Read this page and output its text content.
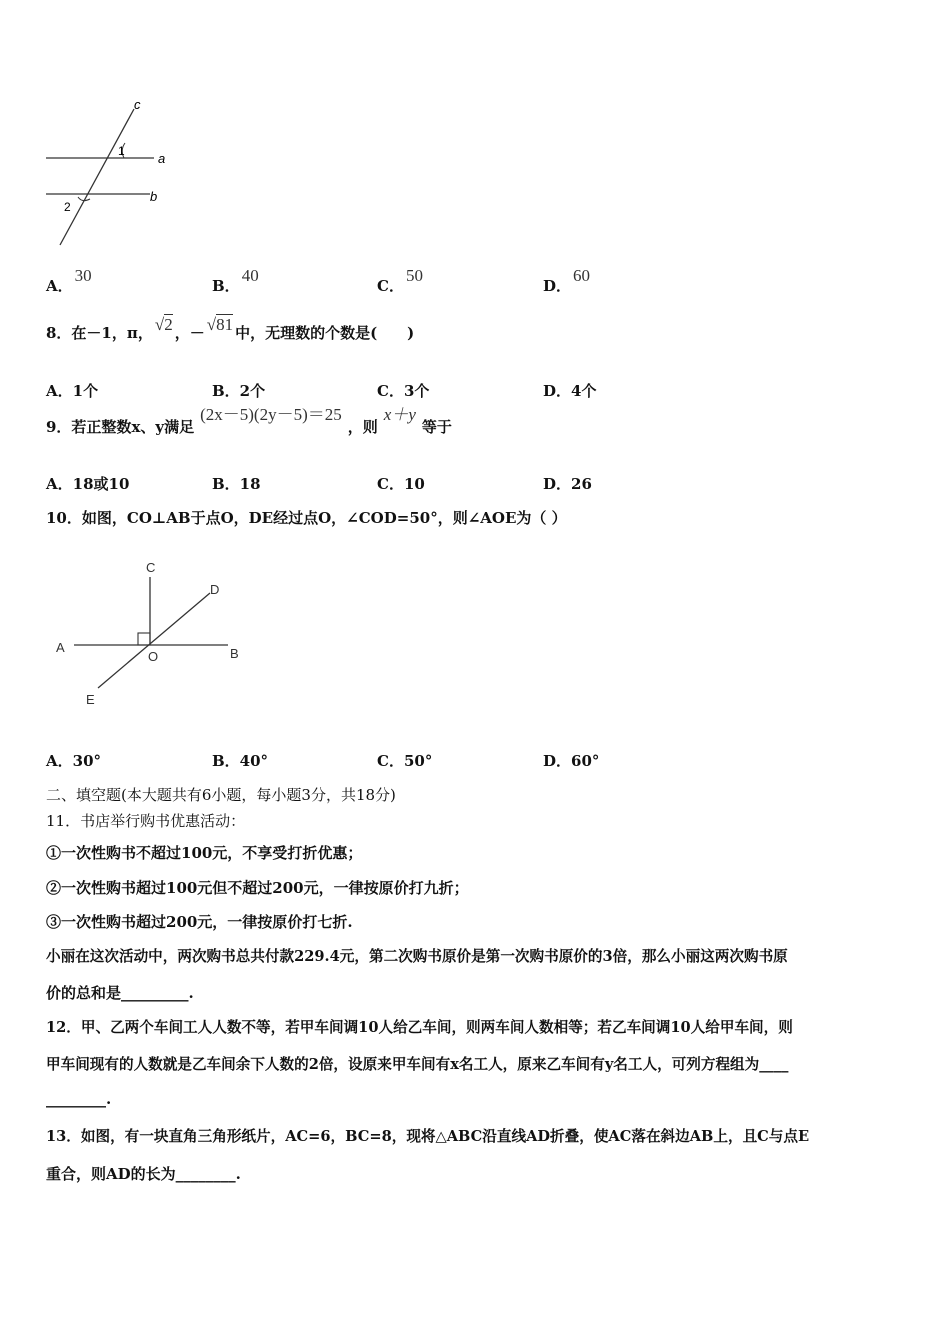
c
a
b
1
2
A．30
B．40
C．50
D．60
8．在－1，π， √2 ，－ √81 中，无理数的个数是(　　)
A．1个	B．2个	C．3个	D．4个
9．若正整数x、y满足
(2x－5)(2y－5)＝25
，则
x＋y
等于
A．18或10	B．18	C．10	D．26
10．如图，CO⊥AB于点O，DE经过点O，∠COD=50°，则∠AOE为（ ）
C
D
A
O	B
E
A．30°	B．40°	C．50°	D．60°
二、填空题(本大题共有6小题，每小题3分，共18分)
11．书店举行购书优惠活动：
①一次性购书不超过100元，不享受打折优惠；
②一次性购书超过100元但不超过200元，一律按原价打九折；
③一次性购书超过200元，一律按原价打七折.
小丽在这次活动中，两次购书总共付款229.4元，第二次购书原价是第一次购书原价的3倍，那么小丽这两次购书原
价的总和是_________.
12．甲、乙两个车间工人人数不等，若甲车间调10人给乙车间，则两车间人数相等；若乙车间调10人给甲车间，则
甲车间现有的人数就是乙车间余下人数的2倍，设原来甲车间有x名工人，原来乙车间有y名工人，可列方程组为____
________.
13．如图，有一块直角三角形纸片，AC=6，BC=8，现将△ABC沿直线AD折叠，使AC落在斜边AB上，且C与点E
重合，则AD的长为________.
